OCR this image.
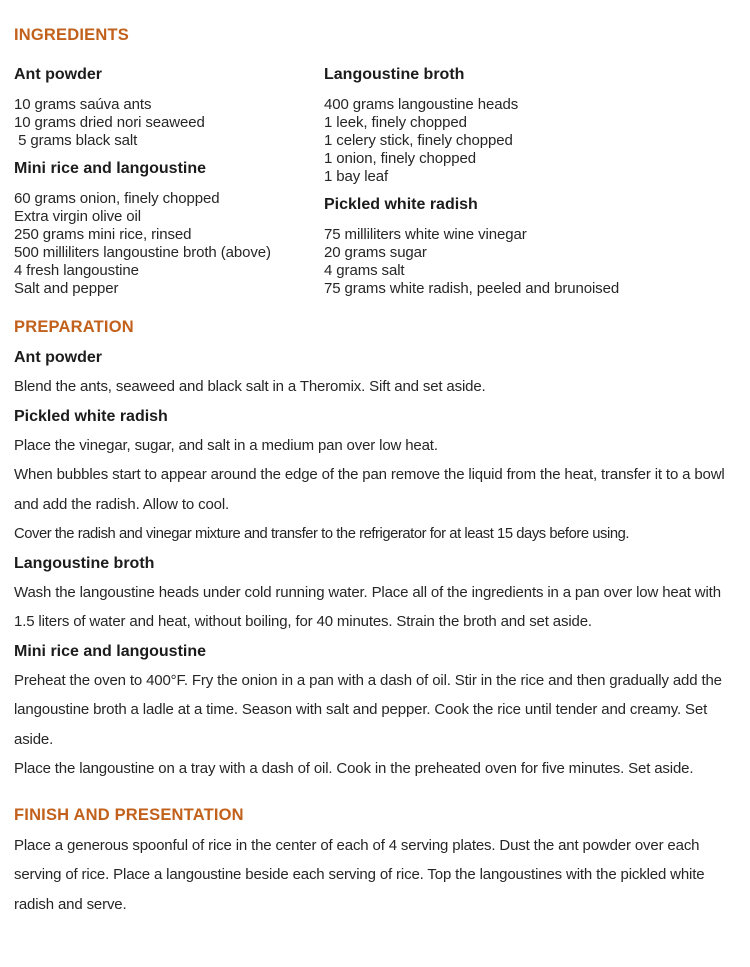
INGREDIENTS
Ant powder
10 grams saúva ants
10 grams dried nori seaweed
5 grams black salt
Mini rice and langoustine
60 grams onion, finely chopped
Extra virgin olive oil
250 grams mini rice, rinsed
500 milliliters langoustine broth (above)
4 fresh langoustine
Salt and pepper
Langoustine broth
400 grams langoustine heads
1 leek, finely chopped
1 celery stick, finely chopped
1 onion, finely chopped
1 bay leaf
Pickled white radish
75 milliliters white wine vinegar
20 grams sugar
4 grams salt
75 grams white radish, peeled and brunoised
PREPARATION
Ant powder

Blend the ants, seaweed and black salt in a Theromix. Sift and set aside.

Pickled white radish

Place the vinegar, sugar, and salt in a medium pan over low heat.

When bubbles start to appear around the edge of the pan remove the liquid from the heat, transfer it to a bowl and add the radish. Allow to cool.

Cover the radish and vinegar mixture and transfer to the refrigerator for at least 15 days before using.

Langoustine broth

Wash the langoustine heads under cold running water. Place all of the ingredients in a pan over low heat with 1.5 liters of water and heat, without boiling, for 40 minutes. Strain the broth and set aside.

Mini rice and langoustine

Preheat the oven to 400°F. Fry the onion in a pan with a dash of oil. Stir in the rice and then gradually add the langoustine broth a ladle at a time. Season with salt and pepper. Cook the rice until tender and creamy. Set aside.

Place the langoustine on a tray with a dash of oil. Cook in the preheated oven for five minutes. Set aside.

FINISH AND PRESENTATION

Place a generous spoonful of rice in the center of each of 4 serving plates. Dust the ant powder over each serving of rice. Place a langoustine beside each serving of rice. Top the langoustines with the pickled white radish and serve.
